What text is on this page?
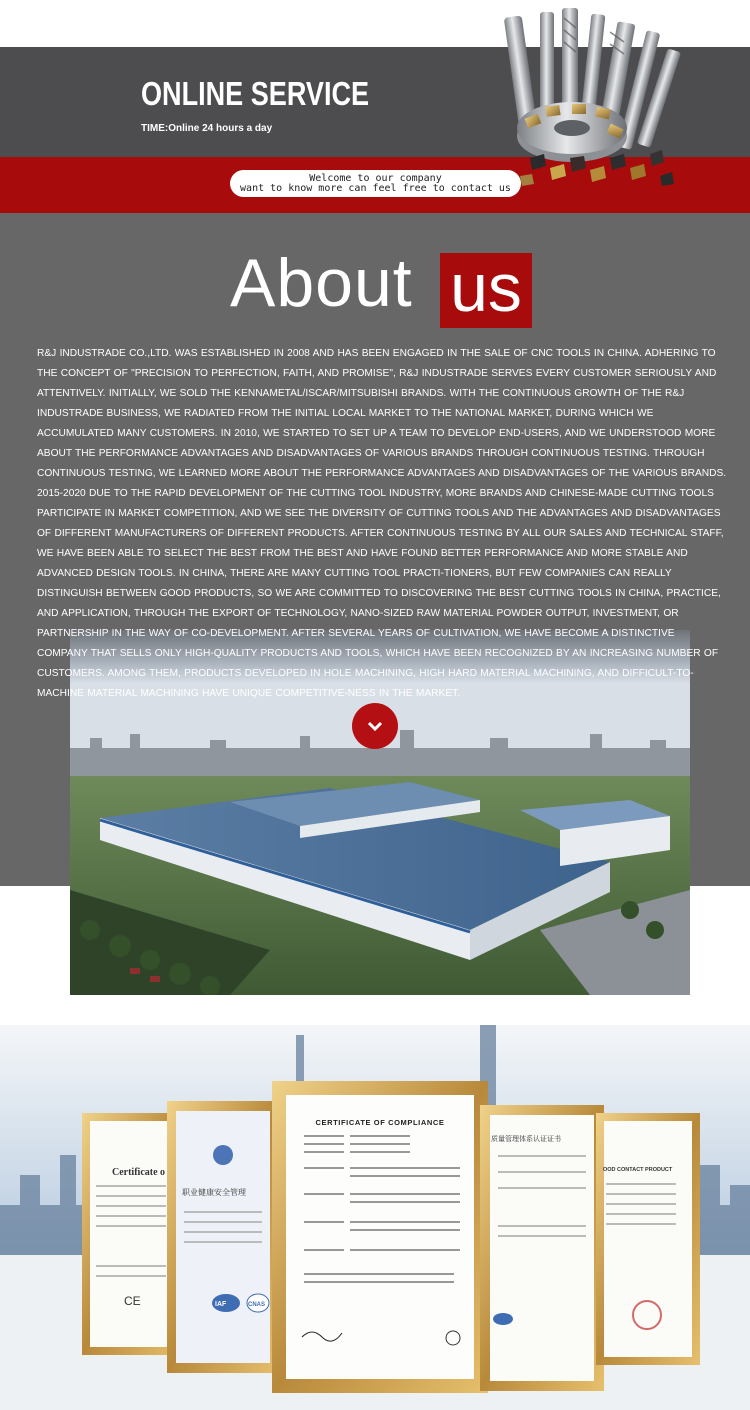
ONLINE SERVICE
TIME:Online 24 hours a day
Welcome to our company
want to know more can feel free to contact us
About us

R&J INDUSTRADE CO.,LTD. WAS ESTABLISHED IN 2008 AND HAS BEEN ENGAGED IN THE SALE OF CNC TOOLS IN CHINA. ADHERING TO THE CONCEPT OF "PRECISION TO PERFECTION, FAITH, AND PROMISE", R&J INDUSTRADE SERVES EVERY CUSTOMER SERIOUSLY AND ATTENTIVELY. INITIALLY, WE SOLD THE KENNAMETAL/ISCAR/MITSUBISHI BRANDS. WITH THE CONTINUOUS GROWTH OF THE R&J INDUSTRADE BUSINESS, WE RADIATED FROM THE INITIAL LOCAL MARKET TO THE NATIONAL MARKET, DURING WHICH WE ACCUMULATED MANY CUSTOMERS. IN 2010, WE STARTED TO SET UP A TEAM TO DEVELOP END-USERS, AND WE UNDERSTOOD MORE ABOUT THE PERFORMANCE ADVANTAGES AND DISADVANTAGES OF VARIOUS BRANDS THROUGH CONTINUOUS TESTING. THROUGH CONTINUOUS TESTING, WE LEARNED MORE ABOUT THE PERFORMANCE ADVANTAGES AND DISADVANTAGES OF THE VARIOUS BRANDS.

2015-2020 DUE TO THE RAPID DEVELOPMENT OF THE CUTTING TOOL INDUSTRY, MORE BRANDS AND CHINESE-MADE CUTTING TOOLS PARTICIPATE IN MARKET COMPETITION, AND WE SEE THE DIVERSITY OF CUTTING TOOLS AND THE ADVANTAGES AND DISADVANTAGES OF DIFFERENT MANUFACTURERS OF DIFFERENT PRODUCTS. AFTER CONTINUOUS TESTING BY ALL OUR SALES AND TECHNICAL STAFF, WE HAVE BEEN ABLE TO SELECT THE BEST FROM THE BEST AND HAVE FOUND BETTER PERFORMANCE AND MORE STABLE AND ADVANCED DESIGN TOOLS. IN CHINA, THERE ARE MANY CUTTING TOOL PRACTI-TIONERS, BUT FEW COMPANIES CAN REALLY DISTINGUISH BETWEEN GOOD PRODUCTS, SO WE ARE COMMITTED TO DISCOVERING THE BEST CUTTING TOOLS IN CHINA, PRACTICE, AND APPLICATION, THROUGH THE EXPORT OF TECHNOLOGY, NANO-SIZED RAW MATERIAL POWDER OUTPUT, INVESTMENT, OR PARTNERSHIP IN THE WAY OF CO-DEVELOPMENT. AFTER SEVERAL YEARS OF CULTIVATION, WE HAVE BECOME A DISTINCTIVE COMPANY THAT SELLS ONLY HIGH-QUALITY PRODUCTS AND TOOLS, WHICH HAVE BEEN RECOGNIZED BY AN INCREASING NUMBER OF CUSTOMERS. AMONG THEM, PRODUCTS DEVELOPED IN HOLE MACHINING, HIGH HARD MATERIAL MACHINING, AND DIFFICULT-TO-MACHINE MATERIAL MACHINING HAVE UNIQUE COMPETITIVE-NESS IN THE MARKET.

Certificate o
CE
职业健康安全管理
IAF	CNAS
CERTIFICATE OF COMPLIANCE
质量管理体系认证证书
OOD CONTACT PRODUCT
